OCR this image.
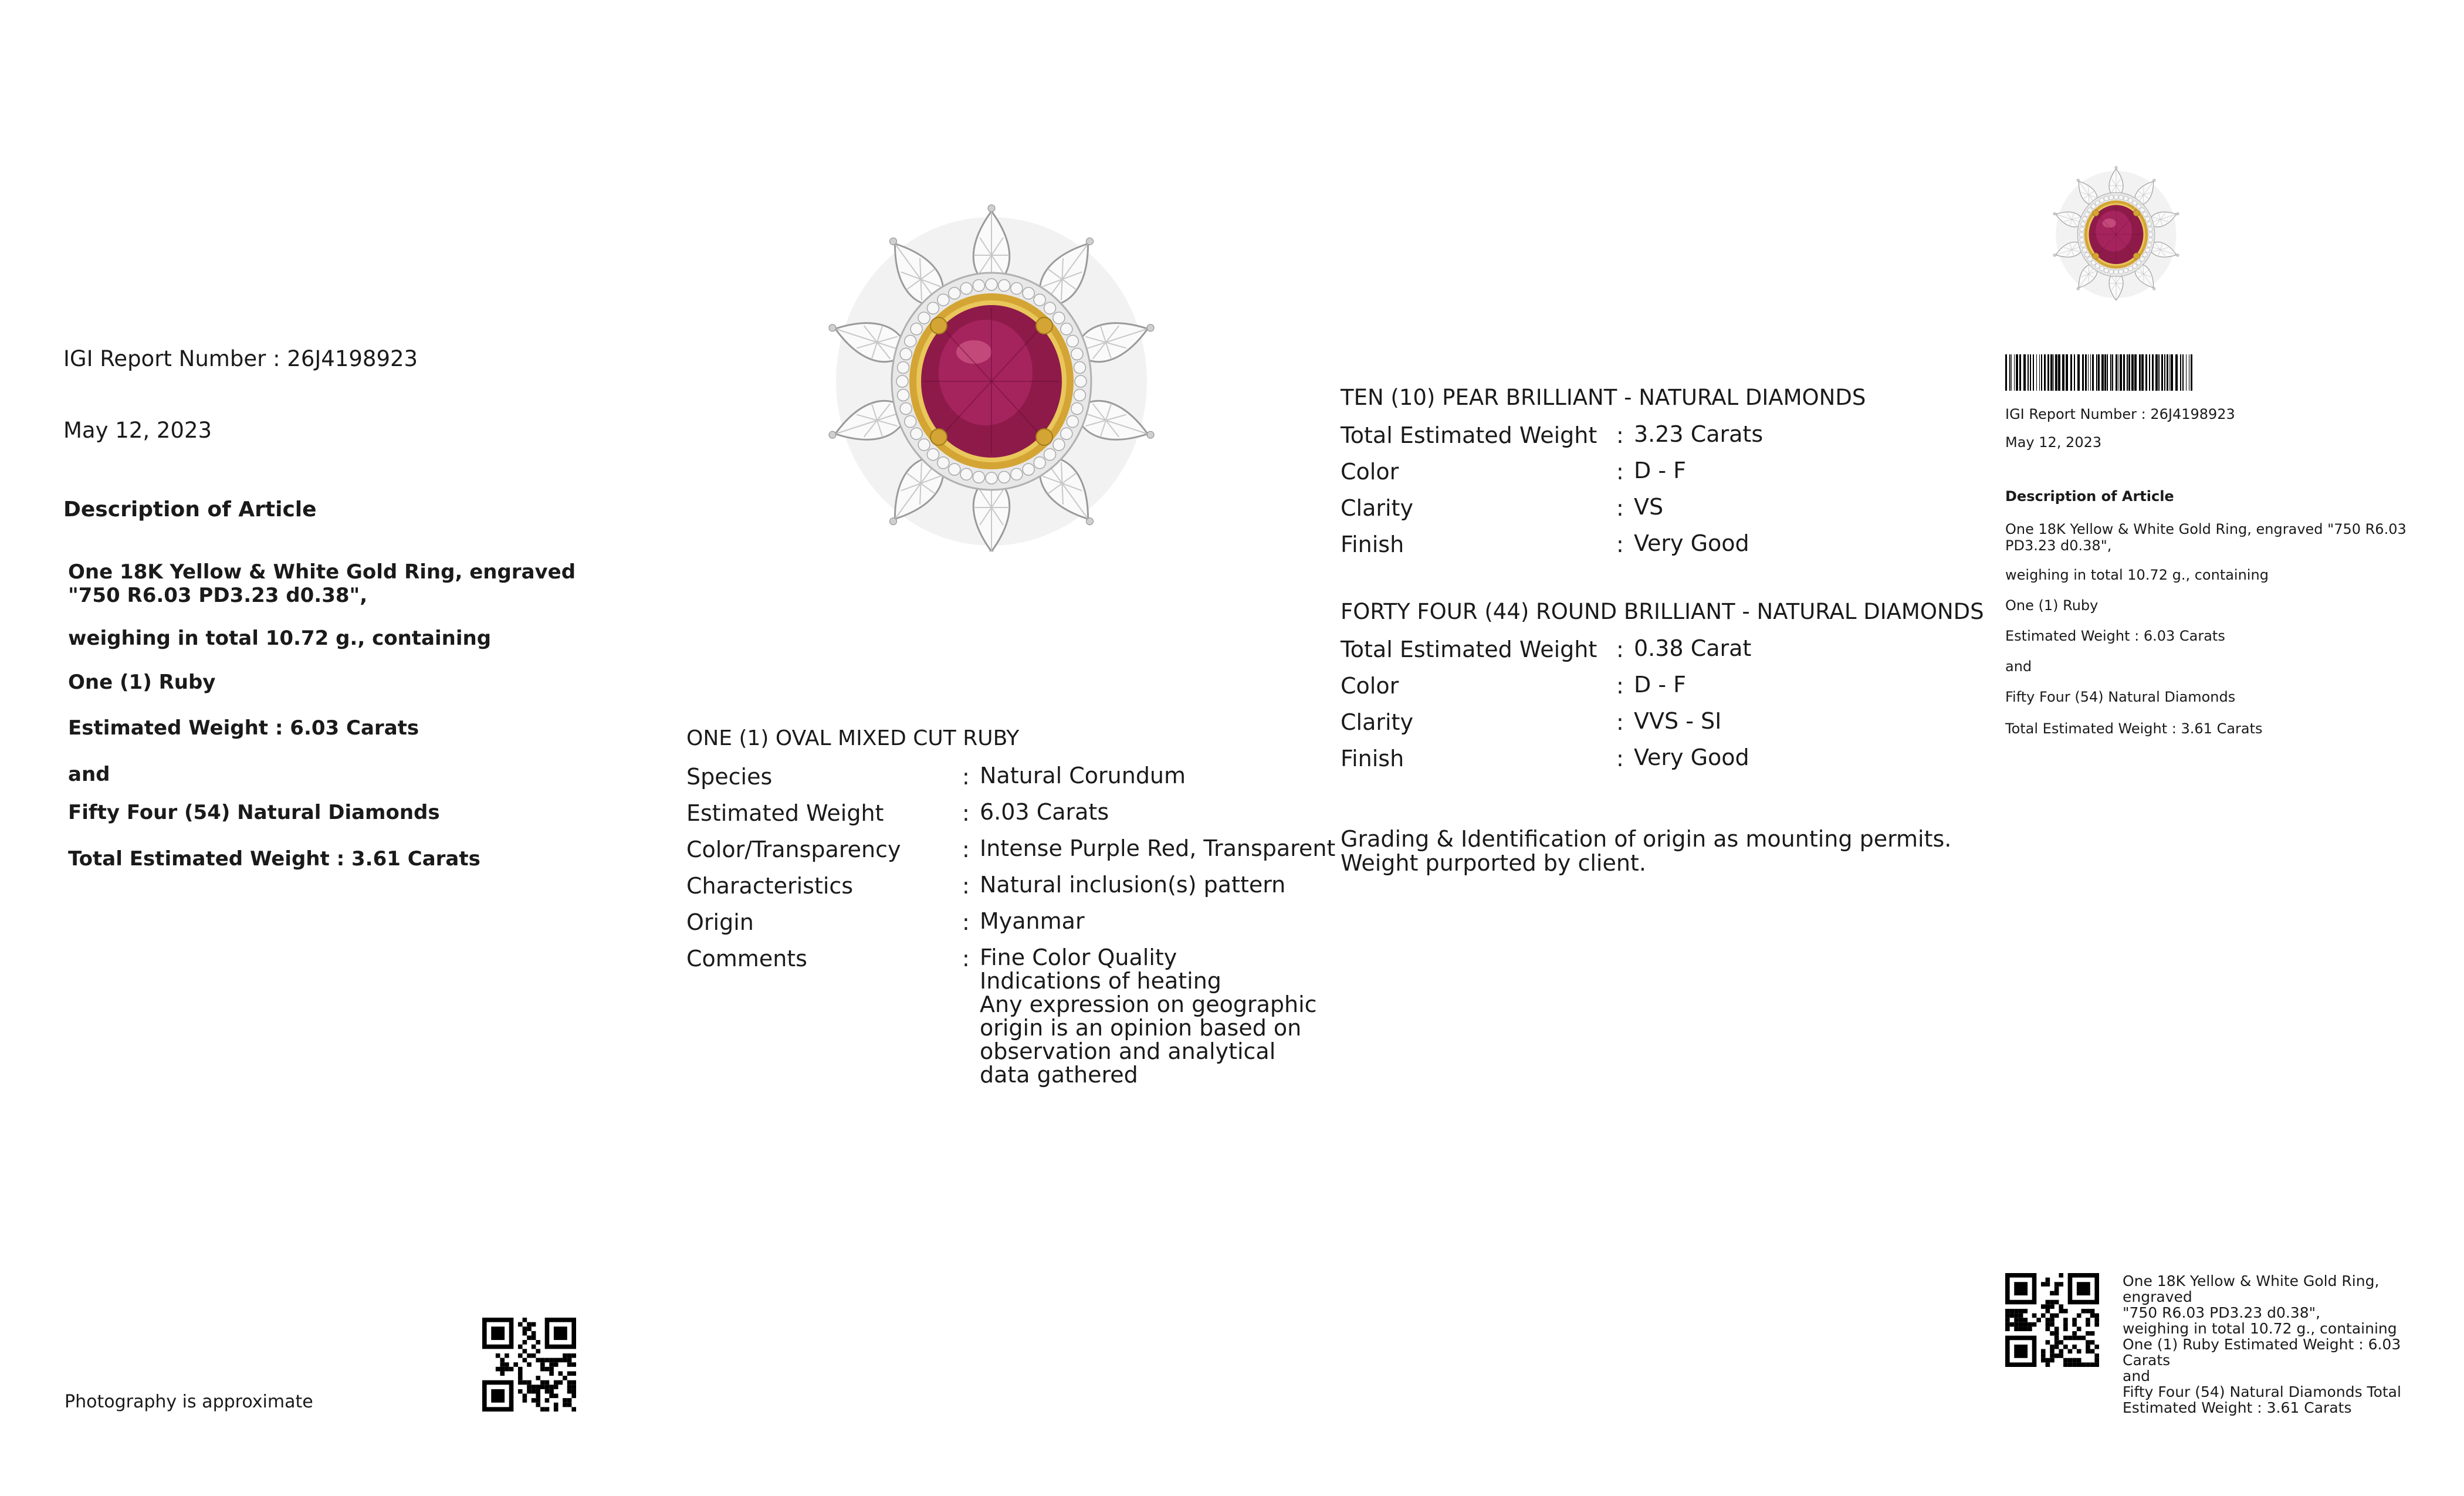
IGI Report Number : 26J4198923
May 12, 2023
Description of Article
One 18K Yellow & White Gold Ring, engraved "750 R6.03 PD3.23 d0.38",
weighing in total 10.72 g., containing
One (1) Ruby
Estimated Weight : 6.03 Carats
and
Fifty Four (54) Natural Diamonds
Total Estimated Weight : 3.61 Carats
Photography is approximate
ONE (1) OVAL MIXED CUT RUBY
Species	: Natural Corundum
Estimated Weight	: 6.03 Carats
Color/Transparency	: Intense Purple Red, Transparent
Characteristics	: Natural inclusion(s) pattern
Origin	: Myanmar
Comments	: Fine Color Quality
Indications of heating
Any expression on geographic
origin is an opinion based on
observation and analytical
data gathered
TEN (10) PEAR BRILLIANT - NATURAL DIAMONDS
Total Estimated Weight : 3.23 Carats
Color	: D - F
Clarity	: VS
Finish	: Very Good
FORTY FOUR (44) ROUND BRILLIANT - NATURAL DIAMONDS
Total Estimated Weight : 0.38 Carat
Color	: D - F
Clarity	: VVS - SI
Finish	: Very Good
Grading & Identification of origin as mounting permits.
Weight purported by client.
IGI Report Number : 26J4198923
May 12, 2023
Description of Article
One 18K Yellow & White Gold Ring, engraved "750 R6.03
PD3.23 d0.38",
weighing in total 10.72 g., containing
One (1) Ruby
Estimated Weight : 6.03 Carats
and
Fifty Four (54) Natural Diamonds
Total Estimated Weight : 3.61 Carats
One 18K Yellow & White Gold Ring, engraved
"750 R6.03 PD3.23 d0.38",
weighing in total 10.72 g., containing
One (1) Ruby Estimated Weight : 6.03 Carats
and
Fifty Four (54) Natural Diamonds Total
Estimated Weight : 3.61 Carats
